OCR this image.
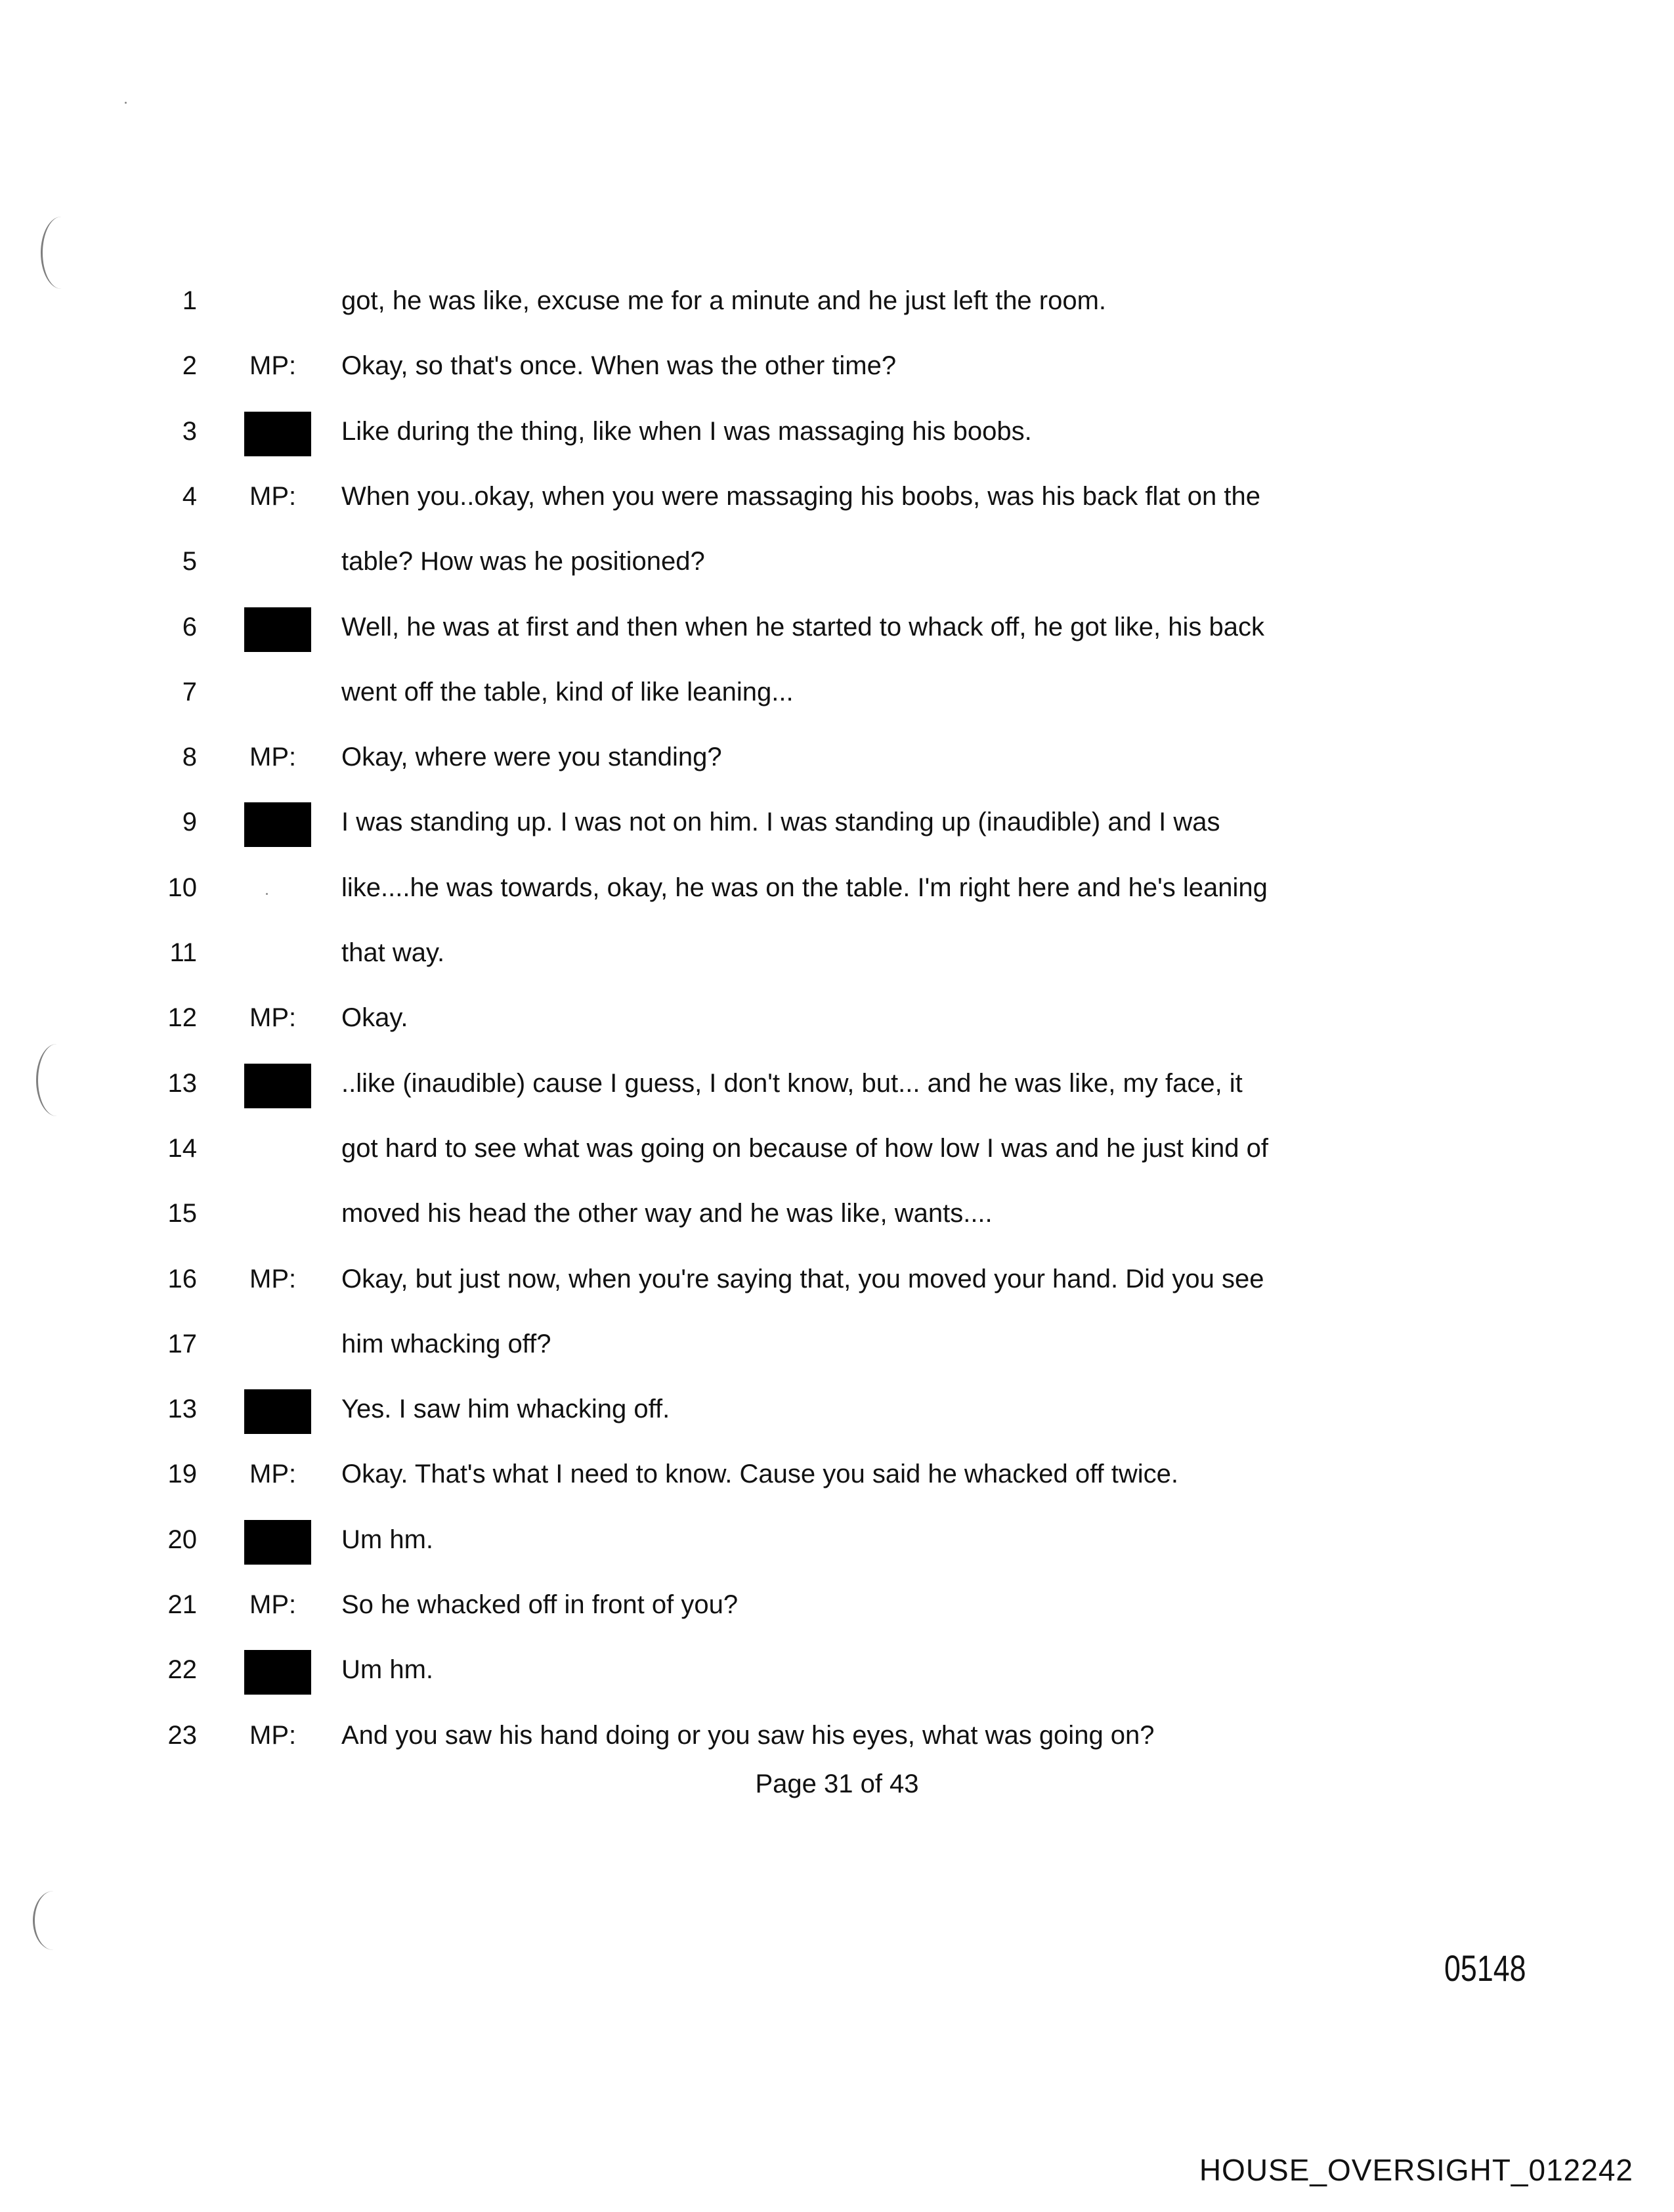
1	got, he was like, excuse me for a minute and he just left the room.
2 MP:	Okay, so that's once. When was the other time?
3	Like during the thing, like when I was massaging his boobs.
4 MP:	When you..okay, when you were massaging his boobs, was his back flat on the
5	table? How was he positioned?
6	Well, he was at first and then when he started to whack off, he got like, his back
7	went off the table, kind of like leaning...
8 MP:	Okay, where were you standing?
9	I was standing up. I was not on him. I was standing up (inaudible) and I was
10	like....he was towards, okay, he was on the table. I'm right here and he's leaning
11	that way.
12 MP:	Okay.
13	..like (inaudible) cause I guess, I don't know, but... and he was like, my face, it
14	got hard to see what was going on because of how low I was and he just kind of
15	moved his head the other way and he was like, wants....
16 MP:	Okay, but just now, when you're saying that, you moved your hand. Did you see
17	him whacking off?
13	Yes. I saw him whacking off.
19 MP:	Okay. That's what I need to know. Cause you said he whacked off twice.
20	Um hm.
21 MP:	So he whacked off in front of you?
22	Um hm.
23 MP:	And you saw his hand doing or you saw his eyes, what was going on?
Page 31 of 43
05148
HOUSE_OVERSIGHT_012242
